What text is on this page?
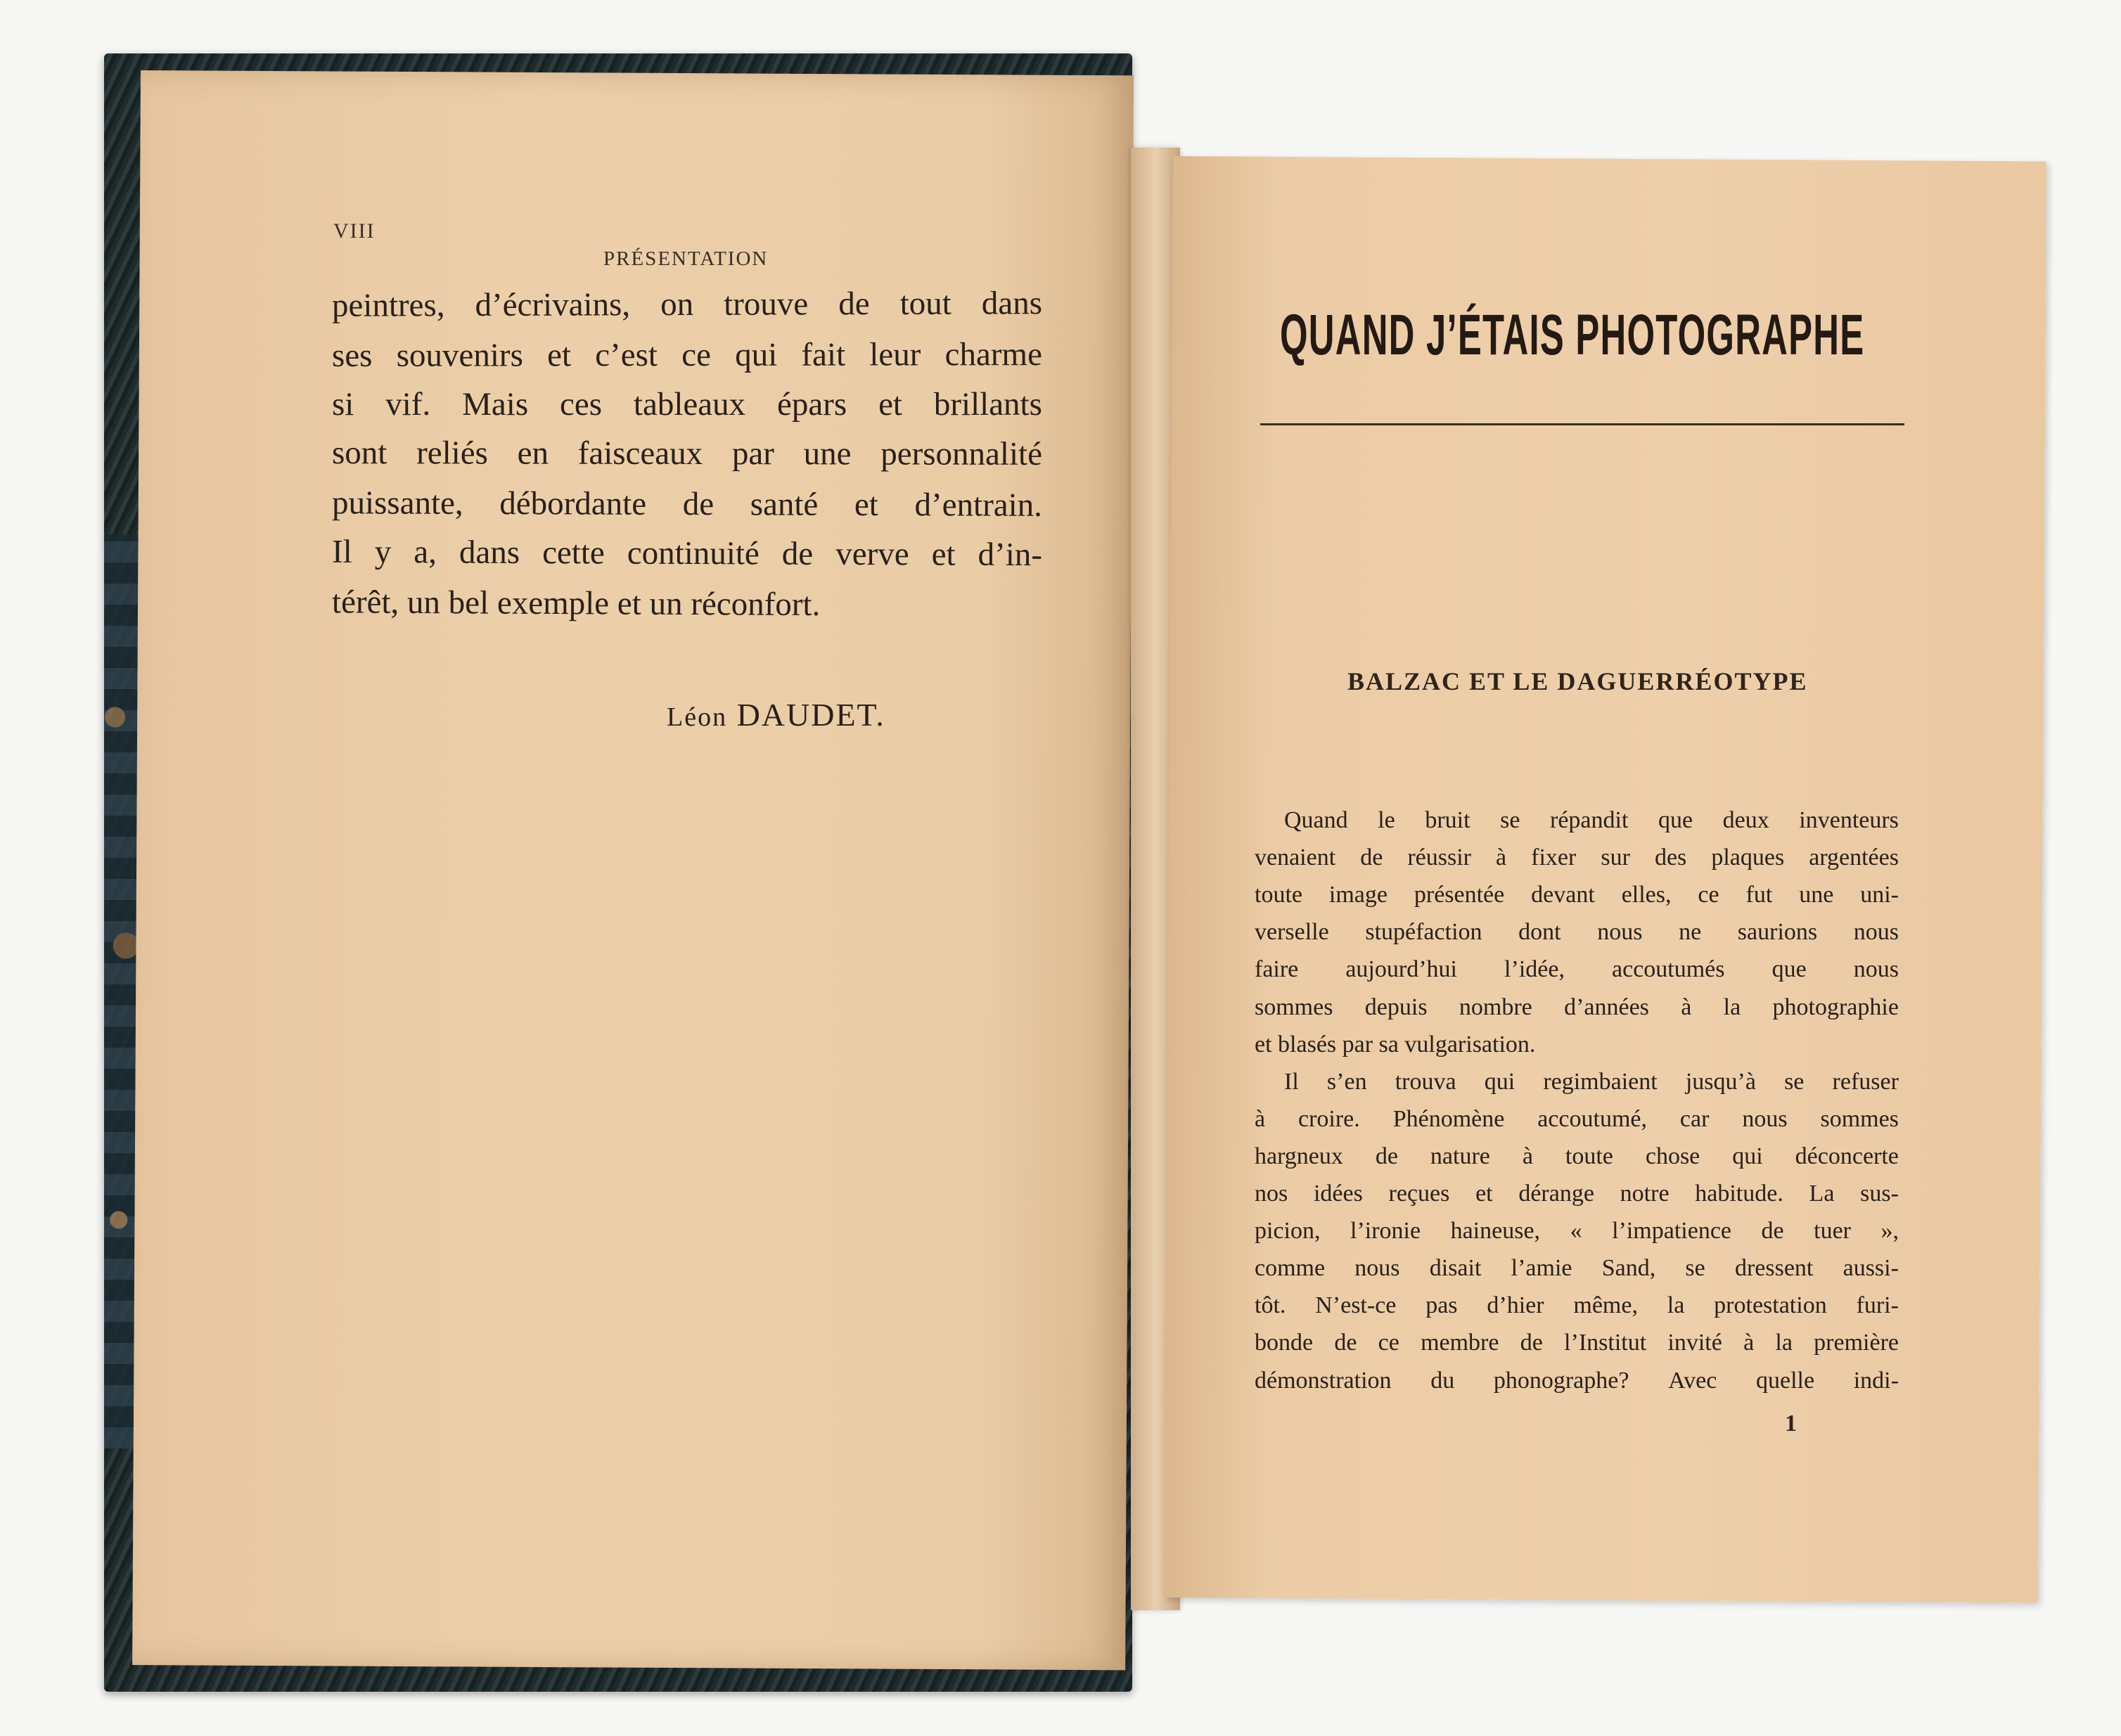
VIII
PRÉSENTATION
peintres, d’écrivains, on trouve de tout dans
ses souvenirs et c’est ce qui fait leur charme
si vif. Mais ces tableaux épars et brillants
sont reliés en faisceaux par une personnalité
puissante, débordante de santé et d’entrain.
Il y a, dans cette continuité de verve et d’in-
térêt, un bel exemple et un réconfort.
Léon DAUDET.
QUAND J’ÉTAIS PHOTOGRAPHE
BALZAC ET LE DAGUERRÉOTYPE
Quand le bruit se répandit que deux inventeurs
venaient de réussir à fixer sur des plaques argentées
toute image présentée devant elles, ce fut une uni-
verselle stupéfaction dont nous ne saurions nous
faire aujourd’hui l’idée, accoutumés que nous
sommes depuis nombre d’années à la photographie
et blasés par sa vulgarisation.
Il s’en trouva qui regimbaient jusqu’à se refuser
à croire. Phénomène accoutumé, car nous sommes
hargneux de nature à toute chose qui déconcerte
nos idées reçues et dérange notre habitude. La sus-
picion, l’ironie haineuse, « l’impatience de tuer »,
comme nous disait l’amie Sand, se dressent aussi-
tôt. N’est-ce pas d’hier même, la protestation furi-
bonde de ce membre de l’Institut invité à la première
démonstration du phonographe? Avec quelle indi-
1
